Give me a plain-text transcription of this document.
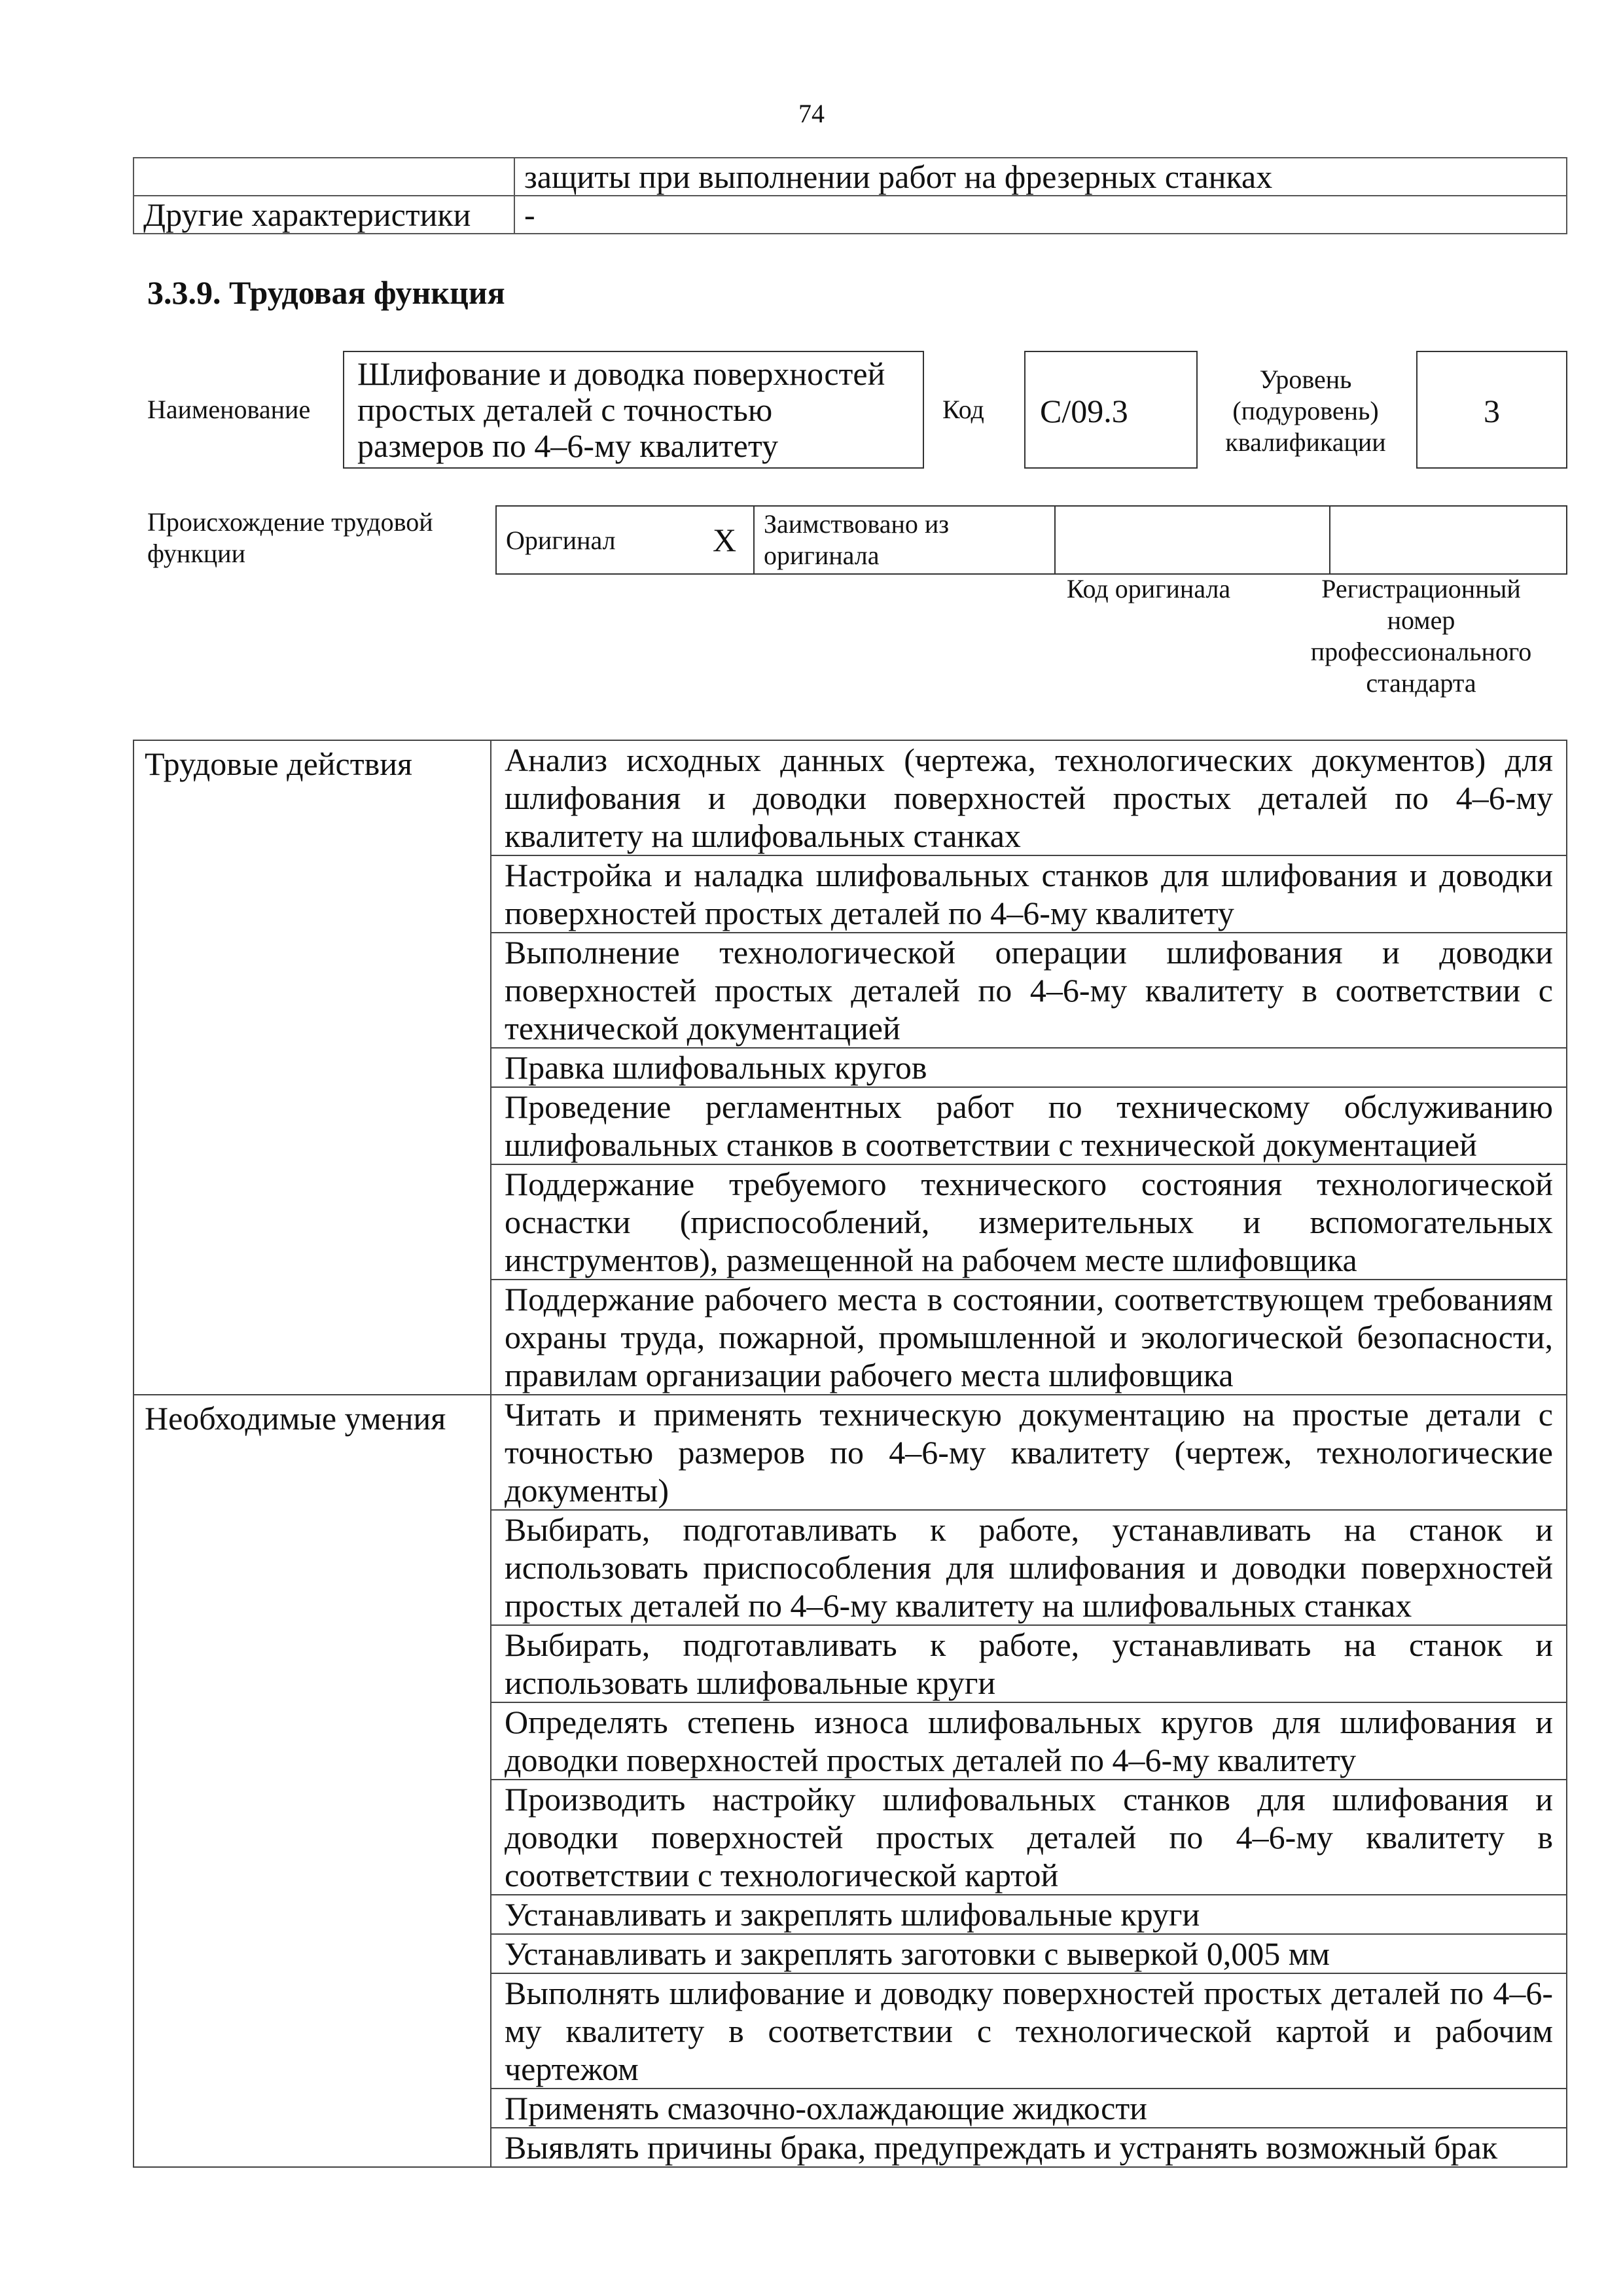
74
	защиты при выполнении работ на фрезерных станках
Другие характеристики	-
3.3.9. Трудовая функция
Наименование
Шлифование и доводка поверхностей
простых деталей с точностью
размеров по 4–6-му квалитету
Код	C/09.3
Уровень
(подуровень)
квалификации
3
Происхождение трудовой
функции	Оригинал	X	Заимствовано из
оригинала

Код оригинала	Регистрационный
номер
профессионального
стандарта
Трудовые действия	Анализ исходных данных (чертежа, технологических документов) для шлифования и доводки поверхностей простых деталей по 4–6-му квалитету на шлифовальных станках
	Настройка и наладка шлифовальных станков для шлифования и доводки поверхностей простых деталей по 4–6-му квалитету
	Выполнение технологической операции шлифования и доводки поверхностей простых деталей по 4–6-му квалитету в соответствии с технической документацией
	Правка шлифовальных кругов
	Проведение регламентных работ по техническому обслуживанию шлифовальных станков в соответствии с технической документацией
	Поддержание требуемого технического состояния технологической оснастки (приспособлений, измерительных и вспомогательных инструментов), размещенной на рабочем месте шлифовщика
	Поддержание рабочего места в состоянии, соответствующем требованиям охраны труда, пожарной, промышленной и экологической безопасности, правилам организации рабочего места шлифовщика
Необходимые умения	Читать и применять техническую документацию на простые детали с точностью размеров по 4–6-му квалитету (чертеж, технологические документы)
	Выбирать, подготавливать к работе, устанавливать на станок и использовать приспособления для шлифования и доводки поверхностей простых деталей по 4–6-му квалитету на шлифовальных станках
	Выбирать, подготавливать к работе, устанавливать на станок и использовать шлифовальные круги
	Определять степень износа шлифовальных кругов для шлифования и доводки поверхностей простых деталей по 4–6-му квалитету
	Производить настройку шлифовальных станков для шлифования и доводки поверхностей простых деталей по 4–6-му квалитету в соответствии с технологической картой
	Устанавливать и закреплять шлифовальные круги
	Устанавливать и закреплять заготовки с выверкой 0,005 мм
	Выполнять шлифование и доводку поверхностей простых деталей по 4–6-му квалитету в соответствии с технологической картой и рабочим чертежом
	Применять смазочно-охлаждающие жидкости
	Выявлять причины брака, предупреждать и устранять возможный брак
